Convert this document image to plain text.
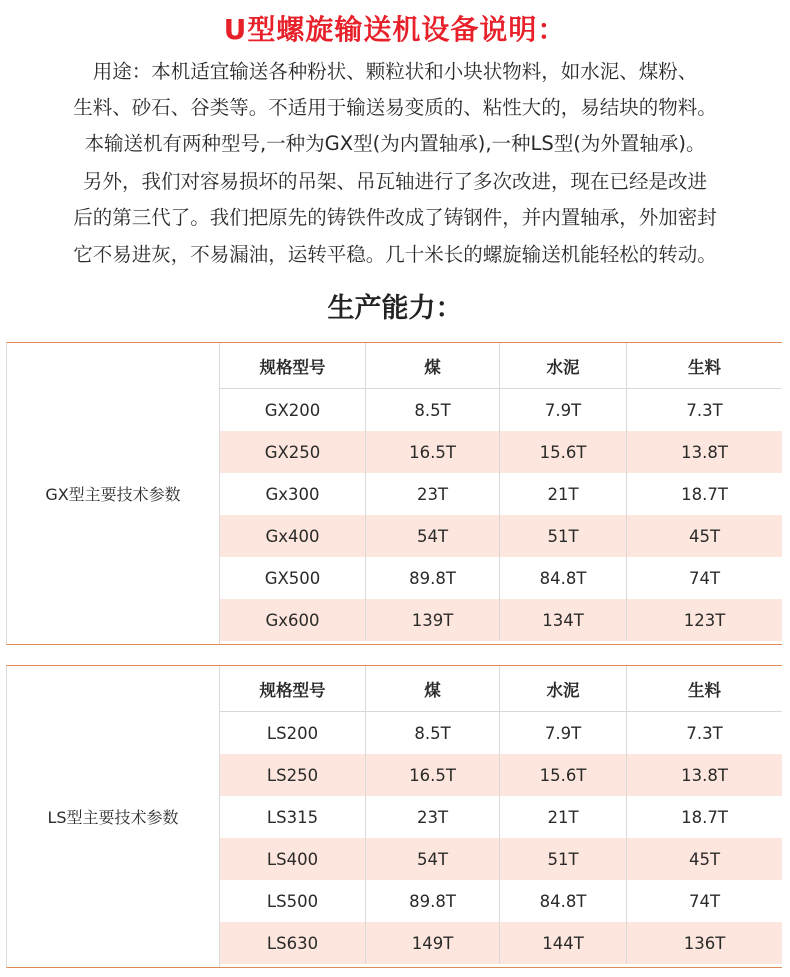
U型螺旋输送机设备说明：
用途：本机适宜输送各种粉状、颗粒状和小块状物料，如水泥、煤粉、
生料、砂石、谷类等。不适用于输送易变质的、粘性大的，易结块的物料。
本输送机有两种型号,一种为GX型(为内置轴承),一种LS型(为外置轴承)。
另外，我们对容易损坏的吊架、吊瓦轴进行了多次改进，现在已经是改进
后的第三代了。我们把原先的铸铁件改成了铸钢件，并内置轴承，外加密封
它不易进灰，不易漏油，运转平稳。几十米长的螺旋输送机能轻松的转动。
生产能力：
GX型主要技术参数
规格型号	煤	水泥	生料
GX200	8.5T	7.9T	7.3T
GX250	16.5T	15.6T	13.8T
Gx300	23T	21T	18.7T
Gx400	54T	51T	45T
GX500	89.8T	84.8T	74T
Gx600	139T	134T	123T
LS型主要技术参数
规格型号	煤	水泥	生料
LS200	8.5T	7.9T	7.3T
LS250	16.5T	15.6T	13.8T
LS315	23T	21T	18.7T
LS400	54T	51T	45T
LS500	89.8T	84.8T	74T
LS630	149T	144T	136T
